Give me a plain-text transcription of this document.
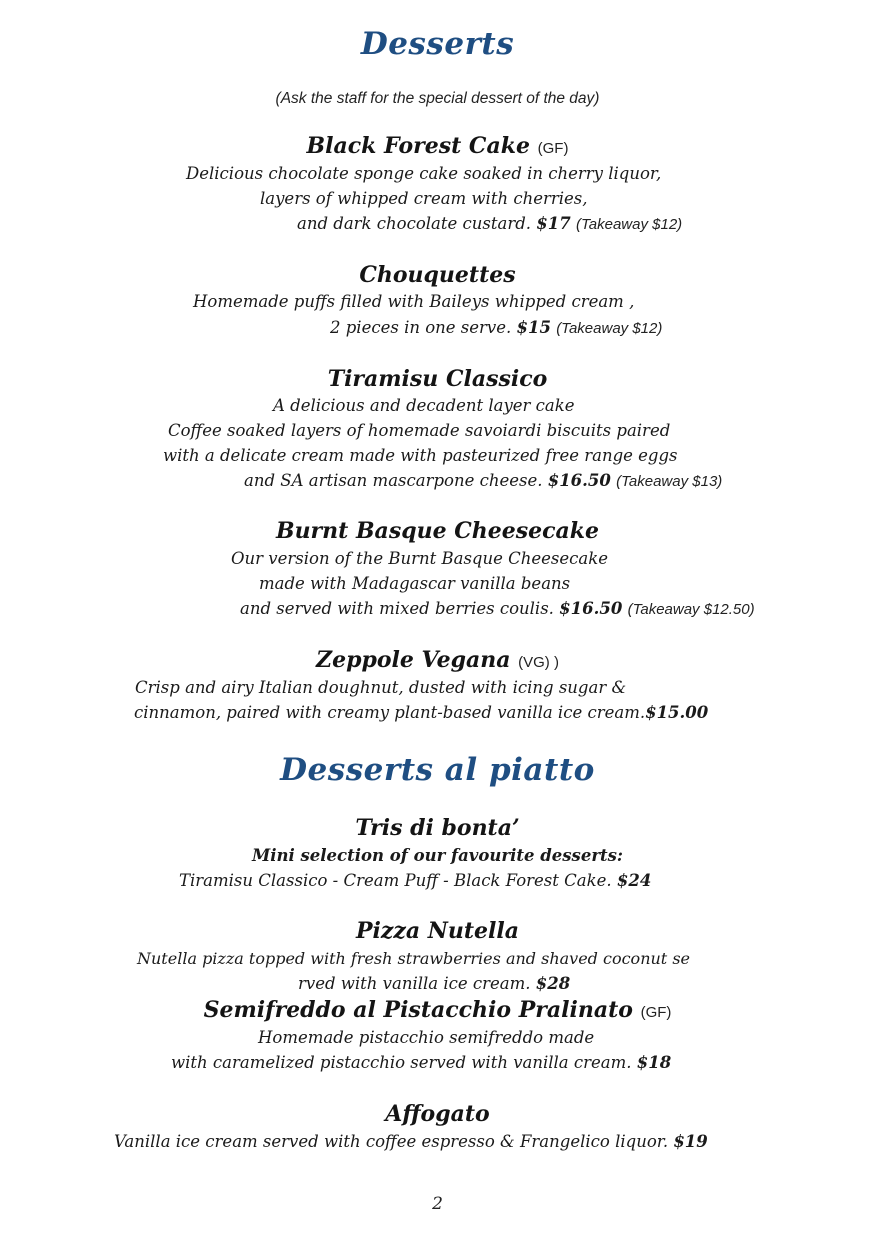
Desserts
(Ask the staff for the special dessert of the day)
Black Forest Cake (GF)
Delicious chocolate sponge cake soaked in cherry liquor,
layers of whipped cream with cherries,
and dark chocolate custard. $17 (Takeaway $12)
Chouquettes
Homemade puffs filled with Baileys whipped cream ,
2 pieces in one serve. $15 (Takeaway $12)
Tiramisu Classico
A delicious and decadent layer cake
Coffee soaked layers of homemade savoiardi biscuits paired
with a delicate cream made with pasteurized free range eggs
and SA artisan mascarpone cheese. $16.50 (Takeaway $13)
Burnt Basque Cheesecake
Our version of the Burnt Basque Cheesecake
made with Madagascar vanilla beans
and served with mixed berries coulis. $16.50 (Takeaway $12.50)
Zeppole Vegana (VG) )
Crisp and airy Italian doughnut, dusted with icing sugar &
cinnamon, paired with creamy plant-based vanilla ice cream.$15.00
Desserts al piatto
Tris di bonta’
Mini selection of our favourite desserts:
Tiramisu Classico - Cream Puff - Black Forest Cake. $24
Pizza Nutella
Nutella pizza topped with fresh strawberries and shaved coconut se
rved with vanilla ice cream. $28
Semifreddo al Pistacchio Pralinato (GF)
Homemade pistacchio semifreddo made
with caramelized pistacchio served with vanilla cream. $18
Affogato
Vanilla ice cream served with coffee espresso & Frangelico liquor. $19
2
